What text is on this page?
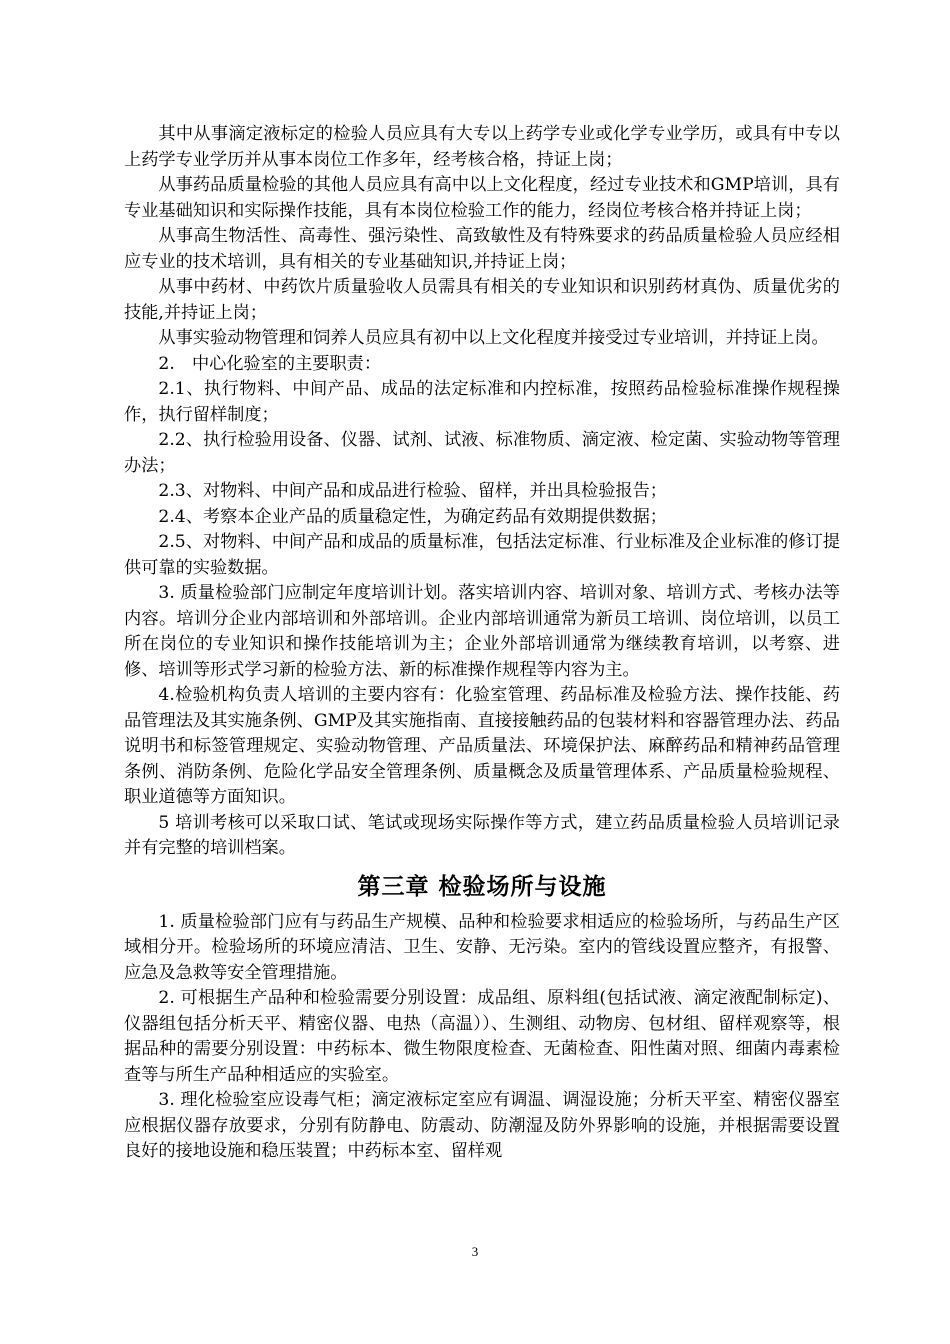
其中从事滴定液标定的检验人员应具有大专以上药学专业或化学专业学历，或具有中专以上药学专业学历并从事本岗位工作多年，经考核合格，持证上岗；

从事药品质量检验的其他人员应具有高中以上文化程度，经过专业技术和GMP培训，具有专业基础知识和实际操作技能，具有本岗位检验工作的能力，经岗位考核合格并持证上岗；

从事高生物活性、高毒性、强污染性、高致敏性及有特殊要求的药品质量检验人员应经相应专业的技术培训，具有相关的专业基础知识,并持证上岗；

从事中药材、中药饮片质量验收人员需具有相关的专业知识和识别药材真伪、质量优劣的技能,并持证上岗；

从事实验动物管理和饲养人员应具有初中以上文化程度并接受过专业培训，并持证上岗。

2.　中心化验室的主要职责：

2.1、执行物料、中间产品、成品的法定标准和内控标准，按照药品检验标准操作规程操作，执行留样制度；

2.2、执行检验用设备、仪器、试剂、试液、标准物质、滴定液、检定菌、实验动物等管理办法；

2.3、对物料、中间产品和成品进行检验、留样，并出具检验报告；

2.4、考察本企业产品的质量稳定性，为确定药品有效期提供数据；

2.5、对物料、中间产品和成品的质量标准，包括法定标准、行业标准及企业标准的修订提供可靠的实验数据。

3. 质量检验部门应制定年度培训计划。落实培训内容、培训对象、培训方式、考核办法等内容。培训分企业内部培训和外部培训。企业内部培训通常为新员工培训、岗位培训，以员工所在岗位的专业知识和操作技能培训为主；企业外部培训通常为继续教育培训，以考察、进修、培训等形式学习新的检验方法、新的标准操作规程等内容为主。

4.检验机构负责人培训的主要内容有：化验室管理、药品标准及检验方法、操作技能、药品管理法及其实施条例、GMP及其实施指南、直接接触药品的包装材料和容器管理办法、药品说明书和标签管理规定、实验动物管理、产品质量法、环境保护法、麻醉药品和精神药品管理条例、消防条例、危险化学品安全管理条例、质量概念及质量管理体系、产品质量检验规程、职业道德等方面知识。

5 培训考核可以采取口试、笔试或现场实际操作等方式，建立药品质量检验人员培训记录并有完整的培训档案。

第三章 检验场所与设施

1. 质量检验部门应有与药品生产规模、品种和检验要求相适应的检验场所，与药品生产区域相分开。检验场所的环境应清洁、卫生、安静、无污染。室内的管线设置应整齐，有报警、应急及急救等安全管理措施。

2. 可根据生产品种和检验需要分别设置：成品组、原料组(包括试液、滴定液配制标定)、仪器组包括分析天平、精密仪器、电热（高温））、生测组、动物房、包材组、留样观察等，根据品种的需要分别设置：中药标本、微生物限度检查、无菌检查、阳性菌对照、细菌内毒素检查等与所生产品种相适应的实验室。

3. 理化检验室应设毒气柜；滴定液标定室应有调温、调湿设施；分析天平室、精密仪器室应根据仪器存放要求，分别有防静电、防震动、防潮湿及防外界影响的设施，并根据需要设置良好的接地设施和稳压装置；中药标本室、留样观

3
